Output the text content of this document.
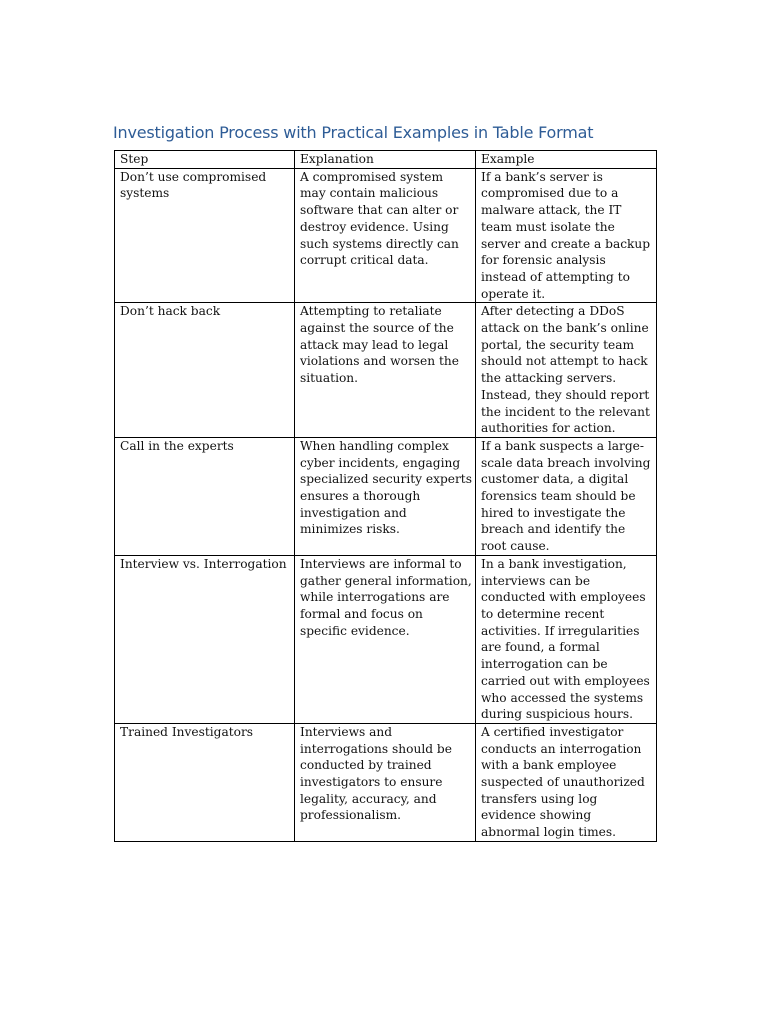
Investigation Process with Practical Examples in Table Format
Step	Explanation	Example
Don’t use compromised systems	A compromised system may contain malicious software that can alter or destroy evidence. Using such systems directly can corrupt critical data.	If a bank’s server is compromised due to a malware attack, the IT team must isolate the server and create a backup for forensic analysis instead of attempting to operate it.
Don’t hack back	Attempting to retaliate against the source of the attack may lead to legal violations and worsen the situation.	After detecting a DDoS attack on the bank’s online portal, the security team should not attempt to hack the attacking servers. Instead, they should report the incident to the relevant authorities for action.
Call in the experts	When handling complex cyber incidents, engaging specialized security experts ensures a thorough investigation and minimizes risks.	If a bank suspects a large-scale data breach involving customer data, a digital forensics team should be hired to investigate the breach and identify the root cause.
Interview vs. Interrogation	Interviews are informal to gather general information, while interrogations are formal and focus on specific evidence.	In a bank investigation, interviews can be conducted with employees to determine recent activities. If irregularities are found, a formal interrogation can be carried out with employees who accessed the systems during suspicious hours.
Trained Investigators	Interviews and interrogations should be conducted by trained investigators to ensure legality, accuracy, and professionalism.	A certified investigator conducts an interrogation with a bank employee suspected of unauthorized transfers using log evidence showing abnormal login times.
